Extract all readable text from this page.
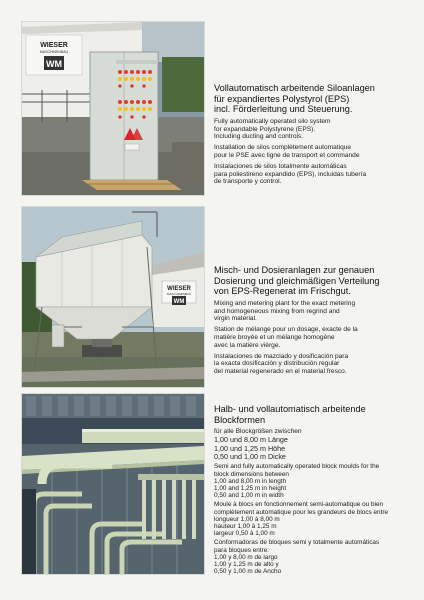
WIESER
MASCHINENBAU
WM
WIESER
MASCHINENBAU
WM
Vollautomatisch arbeitende Siloanlagen
für expandiertes Polystyrol (EPS)
incl. Förderleitung und Steuerung.
Fully automatically operated silo system
for expandable Polystyrene (EPS).
Including ducting and controls.
Installation de silos complètement automatique
pour le PSE avec ligne de transport et commande
Instalaciones de silos totalmente automáticas
para poliestireno expandido (EPS), incluidas tubería
de transporte y control.
Misch- und Dosieranlagen zur genauen
Dosierung und gleichmäßigen Verteilung
von EPS-Regenerat im Frischgut.
Mixing and metering plant for the exact metering
and homogeneous mixing from regrind and
virgin material.
Station de mélange pour un dosage, exacte de la
matière broyée et un mélange homogène
avec la matière vièrge.
Instalaciones de mazclado y dosificación para
la exacta dosificación y distribución regular
del material regenerado en el material fresco.
Halb- und vollautomatisch arbeitende
Blockformen
für alle Blockgrößen zwischen
1,00 und 8,00 m Länge
1,00 und 1,25 m Höhe
0,50 und 1,00 m Dicke
Semi and fully automatically operated block moulds for the
block dimensions between
1,00 and 8,00 m in length
1,00 and 1,25 m in height
0,50 and 1,00 m in width
Moule à blocs en fonctionnement semi-automatique ou bien
complètement automatique pour les grandeurs de blocs entre
longueur 1,00 à 8,00 m
hauteur 1,00 à 1,25 m
largeur 0,50 à 1,00 m
Conformadoras de bloques semi y totalmente automáticas
para bloques entre:
1,00 y 8,00 m de largo
1,00 y 1,25 m de alto y
0,50 y 1,00 m de Ancho
